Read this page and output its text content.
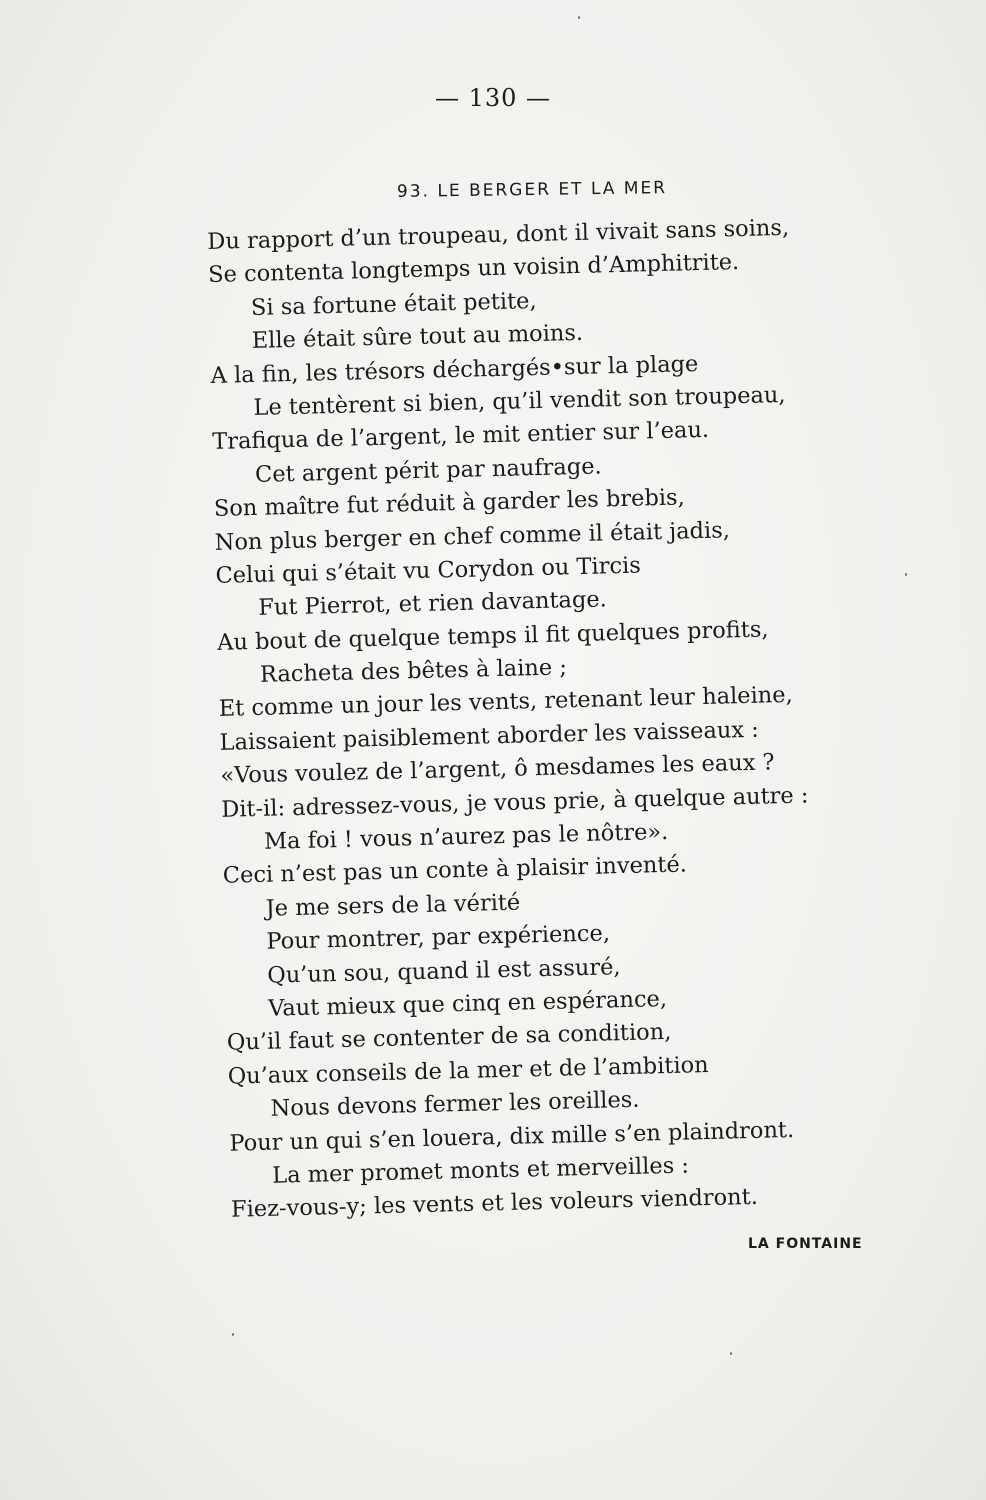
— 130 —
93. LE BERGER ET LA MER
Du rapport d’un troupeau, dont il vivait sans soins,
Se contenta longtemps un voisin d’Amphitrite.
Si sa fortune était petite,
Elle était sûre tout au moins.
A la fin, les trésors déchargés•sur la plage
Le tentèrent si bien, qu’il vendit son troupeau,
Trafiqua de l’argent, le mit entier sur l’eau.
Cet argent périt par naufrage.
Son maître fut réduit à garder les brebis,
Non plus berger en chef comme il était jadis,
Celui qui s’était vu Corydon ou Tircis
Fut Pierrot, et rien davantage.
Au bout de quelque temps il fit quelques profits,
Racheta des bêtes à laine ;
Et comme un jour les vents, retenant leur haleine,
Laissaient paisiblement aborder les vaisseaux :
«Vous voulez de l’argent, ô mesdames les eaux ?
Dit-il: adressez-vous, je vous prie, à quelque autre :
Ma foi ! vous n’aurez pas le nôtre».
Ceci n’est pas un conte à plaisir inventé.
Je me sers de la vérité
Pour montrer, par expérience,
Qu’un sou, quand il est assuré,
Vaut mieux que cinq en espérance,
Qu’il faut se contenter de sa condition,
Qu’aux conseils de la mer et de l’ambition
Nous devons fermer les oreilles.
Pour un qui s’en louera, dix mille s’en plaindront.
La mer promet monts et merveilles :
Fiez-vous-y; les vents et les voleurs viendront.
LA FONTAINE
